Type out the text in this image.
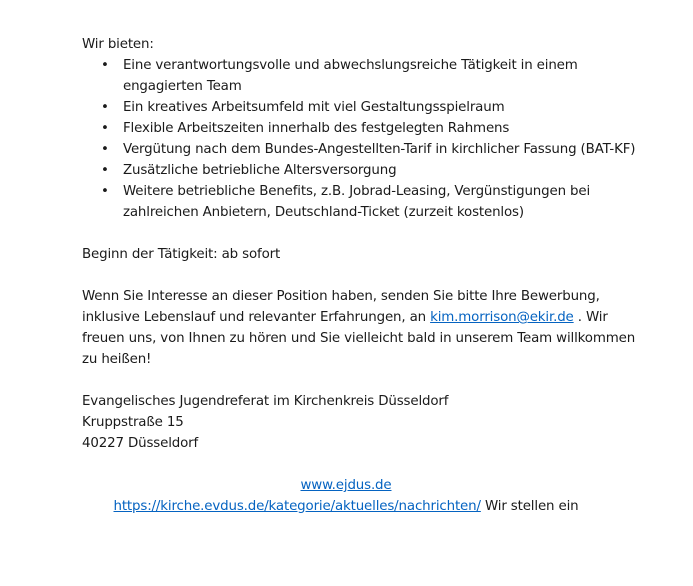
Wir bieten:

• Eine verantwortungsvolle und abwechslungsreiche Tätigkeit in einem engagierten Team
• Ein kreatives Arbeitsumfeld mit viel Gestaltungsspielraum
• Flexible Arbeitszeiten innerhalb des festgelegten Rahmens
• Vergütung nach dem Bundes-Angestellten-Tarif in kirchlicher Fassung (BAT-KF)
• Zusätzliche betriebliche Altersversorgung
• Weitere betriebliche Benefits, z.B. Jobrad-Leasing, Vergünstigungen bei zahlreichen Anbietern, Deutschland-Ticket (zurzeit kostenlos)

Beginn der Tätigkeit: ab sofort

Wenn Sie Interesse an dieser Position haben, senden Sie bitte Ihre Bewerbung, inklusive Lebenslauf und relevanter Erfahrungen, an kim.morrison@ekir.de . Wir freuen uns, von Ihnen zu hören und Sie vielleicht bald in unserem Team willkommen zu heißen!

Evangelisches Jugendreferat im Kirchenkreis Düsseldorf

Kruppstraße 15

40227 Düsseldorf

www.ejdus.de

https://kirche.evdus.de/kategorie/aktuelles/nachrichten/ Wir stellen ein
